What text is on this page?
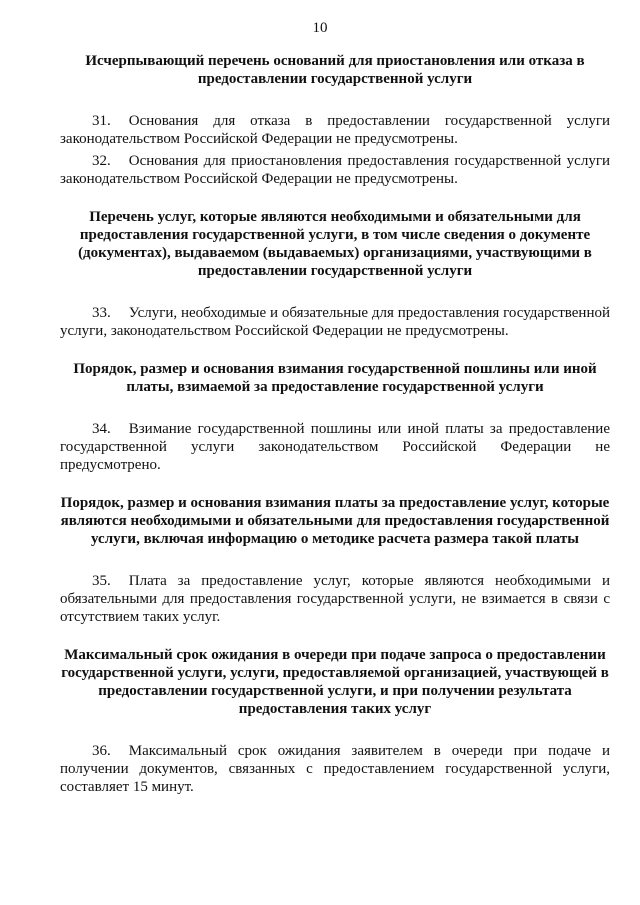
10

Исчерпывающий перечень оснований для приостановления или отказа в предоставлении государственной услуги

31. Основания для отказа в предоставлении государственной услуги законодательством Российской Федерации не предусмотрены.

32. Основания для приостановления предоставления государственной услуги законодательством Российской Федерации не предусмотрены.

Перечень услуг, которые являются необходимыми и обязательными для предоставления государственной услуги, в том числе сведения о документе (документах), выдаваемом (выдаваемых) организациями, участвующими в предоставлении государственной услуги

33. Услуги, необходимые и обязательные для предоставления государственной услуги, законодательством Российской Федерации не предусмотрены.

Порядок, размер и основания взимания государственной пошлины или иной платы, взимаемой за предоставление государственной услуги

34. Взимание государственной пошлины или иной платы за предоставление государственной услуги законодательством Российской Федерации не предусмотрено.

Порядок, размер и основания взимания платы за предоставление услуг, которые являются необходимыми и обязательными для предоставления государственной услуги, включая информацию о методике расчета размера такой платы

35. Плата за предоставление услуг, которые являются необходимыми и обязательными для предоставления государственной услуги, не взимается в связи с отсутствием таких услуг.

Максимальный срок ожидания в очереди при подаче запроса о предоставлении государственной услуги, услуги, предоставляемой организацией, участвующей в предоставлении государственной услуги, и при получении результата предоставления таких услуг

36. Максимальный срок ожидания заявителем в очереди при подаче и получении документов, связанных с предоставлением государственной услуги, составляет 15 минут.
